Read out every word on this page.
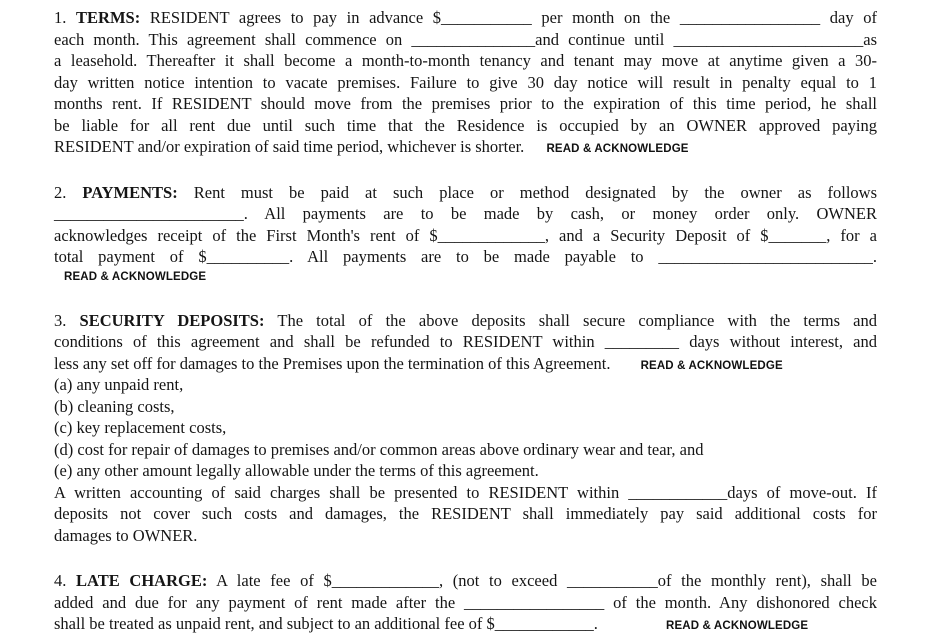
1. TERMS: RESIDENT agrees to pay in advance $___________ per month on the _________________ day of
each month. This agreement shall commence on _______________and continue until _______________________as
a leasehold. Thereafter it shall become a month-to-month tenancy and tenant may move at anytime given a 30-
day written notice intention to vacate premises. Failure to give 30 day notice will result in penalty equal to 1
months rent. If RESIDENT should move from the premises prior to the expiration of this time period, he shall
be liable for all rent due until such time that the Residence is occupied by an OWNER approved paying
RESIDENT and/or expiration of said time period, whichever is shorter. READ & ACKNOWLEDGE
2. PAYMENTS: Rent must be paid at such place or method designated by the owner as follows
_______________________. All payments are to be made by cash, or money order only. OWNER
acknowledges receipt of the First Month's rent of $_____________, and a Security Deposit of $_______, for a
total payment of $__________. All payments are to be made payable to __________________________.
READ & ACKNOWLEDGE
3. SECURITY DEPOSITS: The total of the above deposits shall secure compliance with the terms and
conditions of this agreement and shall be refunded to RESIDENT within _________ days without interest, and
less any set off for damages to the Premises upon the termination of this Agreement.	READ & ACKNOWLEDGE
(a) any unpaid rent,
(b) cleaning costs,
(c) key replacement costs,
(d) cost for repair of damages to premises and/or common areas above ordinary wear and tear, and
(e) any other amount legally allowable under the terms of this agreement.
A written accounting of said charges shall be presented to RESIDENT within ____________days of move-out. If
deposits not cover such costs and damages, the RESIDENT shall immediately pay said additional costs for
damages to OWNER.
4. LATE CHARGE: A late fee of $_____________, (not to exceed ___________of the monthly rent), shall be
added and due for any payment of rent made after the _________________ of the month. Any dishonored check
shall be treated as unpaid rent, and subject to an additional fee of $____________.	READ & ACKNOWLEDGE
